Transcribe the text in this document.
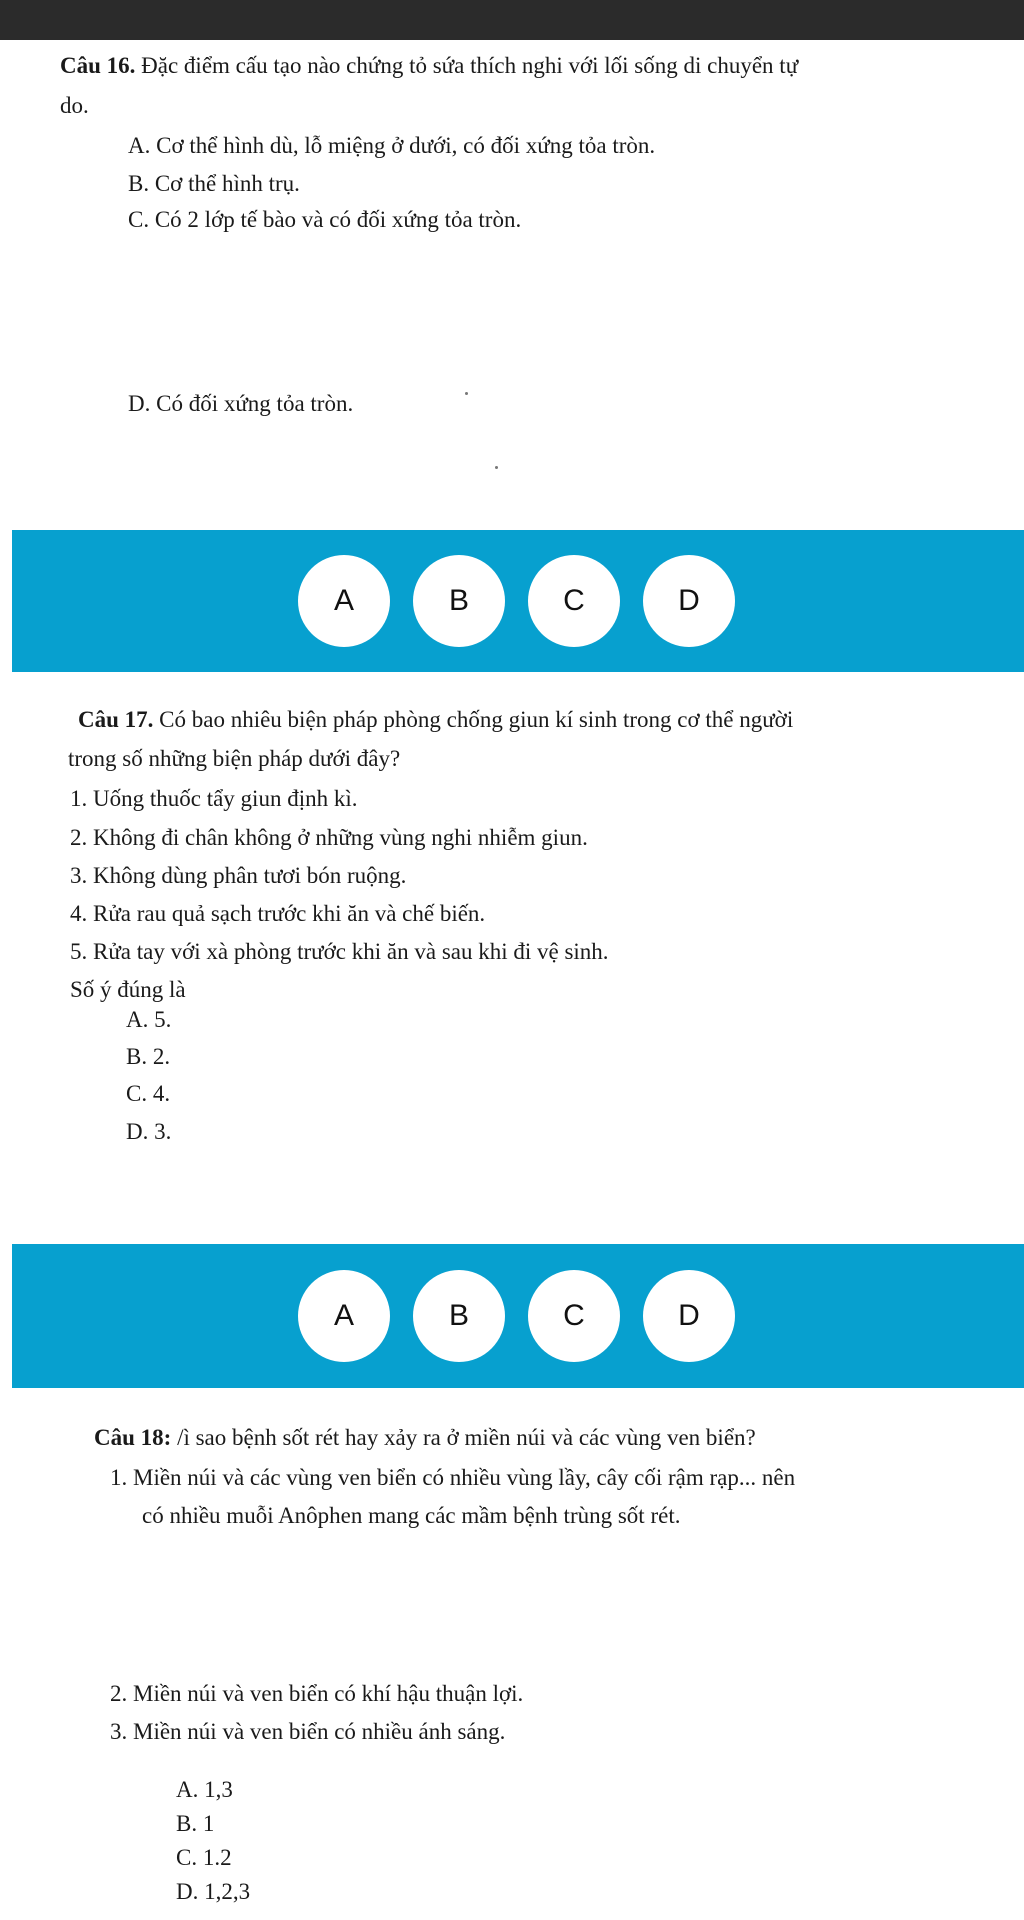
Câu 16. Đặc điểm cấu tạo nào chứng tỏ sứa thích nghi với lối sống di chuyển tự
do.
A. Cơ thể hình dù, lỗ miệng ở dưới, có đối xứng tỏa tròn.
B. Cơ thể hình trụ.
C. Có 2 lớp tế bào và có đối xứng tỏa tròn.
D. Có đối xứng tỏa tròn.
A	B	C	D
Câu 17. Có bao nhiêu biện pháp phòng chống giun kí sinh trong cơ thể người
trong số những biện pháp dưới đây?
1. Uống thuốc tẩy giun định kì.
2. Không đi chân không ở những vùng nghi nhiễm giun.
3. Không dùng phân tươi bón ruộng.
4. Rửa rau quả sạch trước khi ăn và chế biến.
5. Rửa tay với xà phòng trước khi ăn và sau khi đi vệ sinh.
Số ý đúng là
A. 5.
B. 2.
C. 4.
D. 3.
A	B	C	D
Câu 18: /ì sao bệnh sốt rét hay xảy ra ở miền núi và các vùng ven biển?
1. Miền núi và các vùng ven biển có nhiều vùng lầy, cây cối rậm rạp... nên
có nhiều muỗi Anôphen mang các mầm bệnh trùng sốt rét.
2. Miền núi và ven biển có khí hậu thuận lợi.
3. Miền núi và ven biển có nhiều ánh sáng.
A. 1,3
B. 1
C. 1.2
D. 1,2,3
